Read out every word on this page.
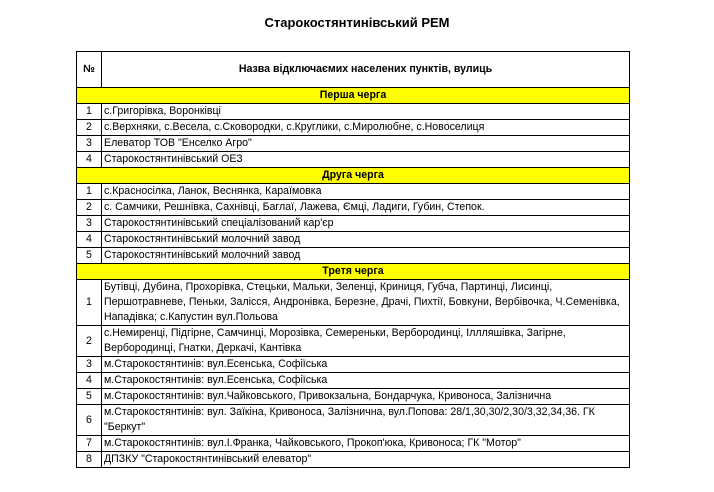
Старокостянтинівський РЕМ
№	Назва відключаємих населених пунктів, вулиць
Перша черга	
1	с.Григорівка, Воронківці
2	с.Верхняки, с.Весела, с.Сковородки, с.Круглики, с.Миролюбне, с.Новоселиця
3	Елеватор ТОВ "Енселко Агро"
4	Старокостянтинівський ОЕЗ
Друга черга	
1	с.Красносілка, Ланок, Веснянка, Караїмовка
2	с. Самчики, Решнівка, Сахнівці, Баглаї, Лажева, Ємці, Ладиги, Губин, Степок.
3	Старокостянтинівський спеціалізований кар'єр
4	Старокостянтинівський молочний завод
5	Старокостянтинівський молочний завод
Третя черга	
1	Бутівці, Дубина, Прохорівка, Стецьки, Мальки, Зеленці, Криниця, Губча, Партинці, Лисинці, Першотравневе, Пеньки, Залісся, Андронівка, Березне, Драчі, Пихтії, Бовкуни, Вербівочка, Ч.Семенівка, Нападівка; с.Капустин вул.Польова
2	с.Немиренці, Підгірне, Самчинці, Морозівка, Семереньки, Вербородинці, Іллляшівка, Загірне, Вербородинці, Гнатки, Деркачі, Кантівка
3	м.Старокостянтинів: вул.Есенська, Софіїська
4	м.Старокостянтинів: вул.Есенська, Софіїська
5	м.Старокостянтинів: вул.Чайковського, Привокзальна, Бондарчука, Кривоноса, Залізнична
6	м.Старокостянтинів: вул. Заїкіна, Кривоноса, Залізнична, вул.Попова: 28/1,30,30/2,30/3,32,34,36. ГК "Беркут"
7	м.Старокостянтинів: вул.І.Франка, Чайковського, Прокоп'юка, Кривоноса; ГК "Мотор"
8	ДПЗКУ "Старокостянтинівський елеватор"
